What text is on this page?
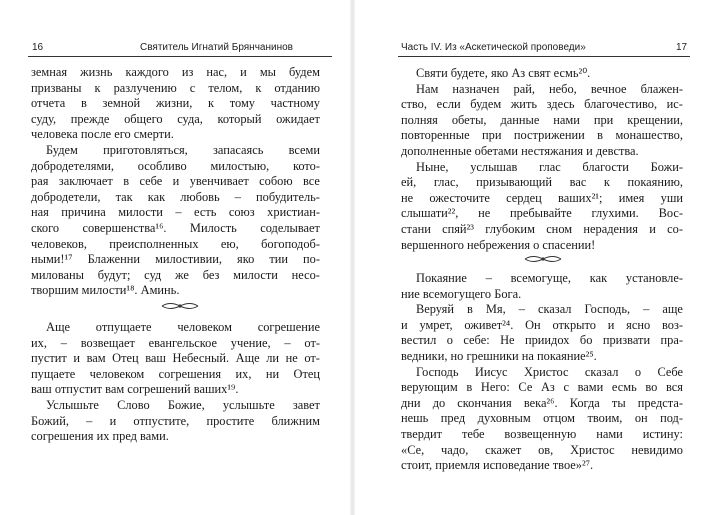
16	Святитель Игнатий Брянчанинов
земная жизнь каждого из нас, и мы будем
призваны к разлучению с телом, к отданию
отчета в земной жизни, к тому частному
суду, прежде общего суда, который ожидает
человека после его смерти.
Будем приготовляться, запасаясь всеми
добродетелями, особливо милостыю, кото-
рая заключает в себе и увенчивает собою все
добродетели, так как любовь – побудитель-
ная причина милости – есть союз христиан-
ского совершенства¹⁶. Милость соделывает
человеков, преисполненных ею, богоподоб-
ными!¹⁷ Блаженни милостивии, яко тии по-
милованы будут; суд же без милости несо-
творшим милости¹⁸. Аминь.
Аще отпущаете человеком согрешение
их, – возвещает евангельское учение, – от-
пустит и вам Отец ваш Небесный. Аще ли не от-
пущаете человеком согрешения их, ни Отец
ваш отпустит вам согрешений ваших¹⁹.
Услышьте Слово Божие, услышьте завет
Божий, – и отпустите, простите ближним
согрешения их пред вами.
Часть IV. Из «Аскетической проповеди»	17
Святи будете, яко Аз свят есмь²⁰.
Нам назначен рай, небо, вечное блажен-
ство, если будем жить здесь благочестиво, ис-
полняя обеты, данные нами при крещении,
повторенные при пострижении в монашество,
дополненные обетами нестяжания и девства.
Ныне, услышав глас благости Божи-
ей, глас, призывающий вас к покаянию,
не ожесточите сердец ваших²¹; имея уши
слышати²², не пребывайте глухими. Вос-
стани спяй²³ глубоким сном нерадения и со-
вершенного небрежения о спасении!
Покаяние – всемогуще, как установле-
ние всемогущего Бога.
Веруяй в Мя, – сказал Господь, – аще
и умрет, оживет²⁴. Он открыто и ясно воз-
вестил о себе: Не приидох бо призвати пра-
ведники, но грешники на покаяние²⁵.
Господь Иисус Христос сказал о Себе
верующим в Него: Се Аз с вами есмь во вся
дни до скончания века²⁶. Когда ты предста-
нешь пред духовным отцом твоим, он под-
твердит тебе возвещенную нами истину:
«Се, чадо, скажет ов, Христос невидимо
стоит, приемля исповедание твое»²⁷.
